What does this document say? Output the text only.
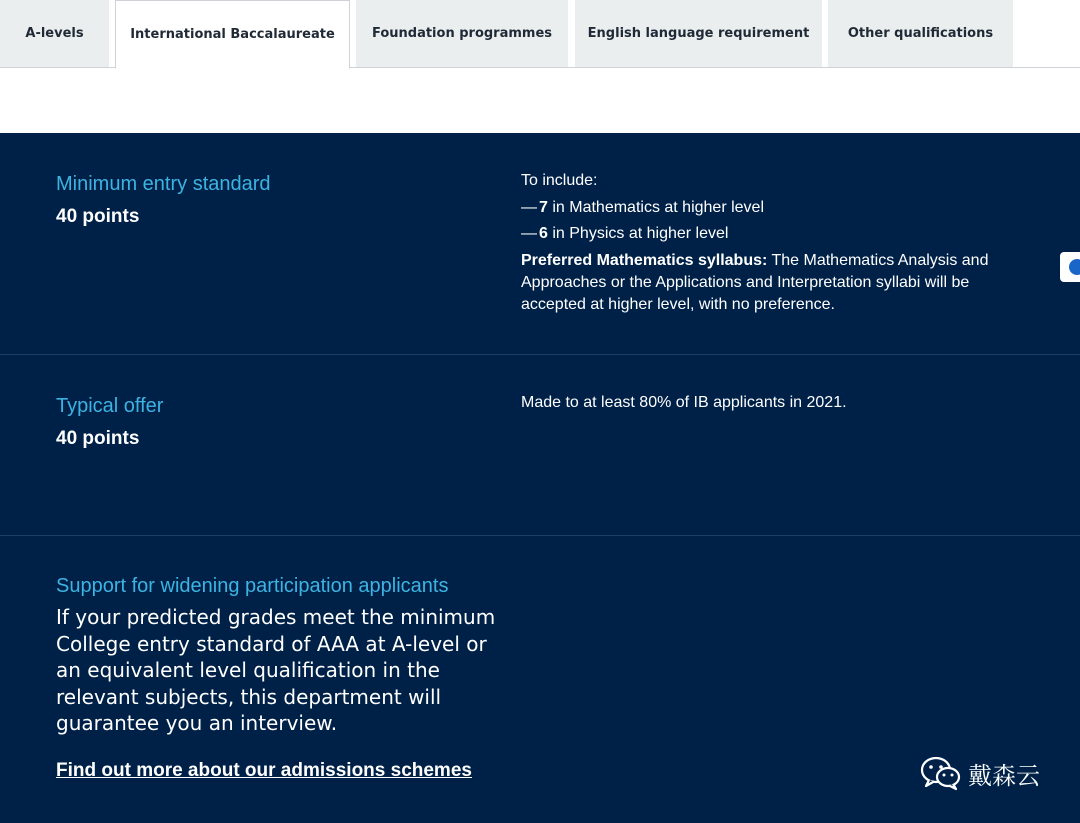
A-levels	International Baccalaureate	Foundation programmes	English language requirement	Other qualifications
Minimum entry standard
40 points
To include:
— 7 in Mathematics at higher level
— 6 in Physics at higher level
Preferred Mathematics syllabus: The Mathematics Analysis and Approaches or the Applications and Interpretation syllabi will be accepted at higher level, with no preference.
Typical offer
40 points
Made to at least 80% of IB applicants in 2021.
Support for widening participation applicants
If your predicted grades meet the minimum College entry standard of AAA at A-level or an equivalent level qualification in the relevant subjects, this department will guarantee you an interview.
Find out more about our admissions schemes	戴森云
